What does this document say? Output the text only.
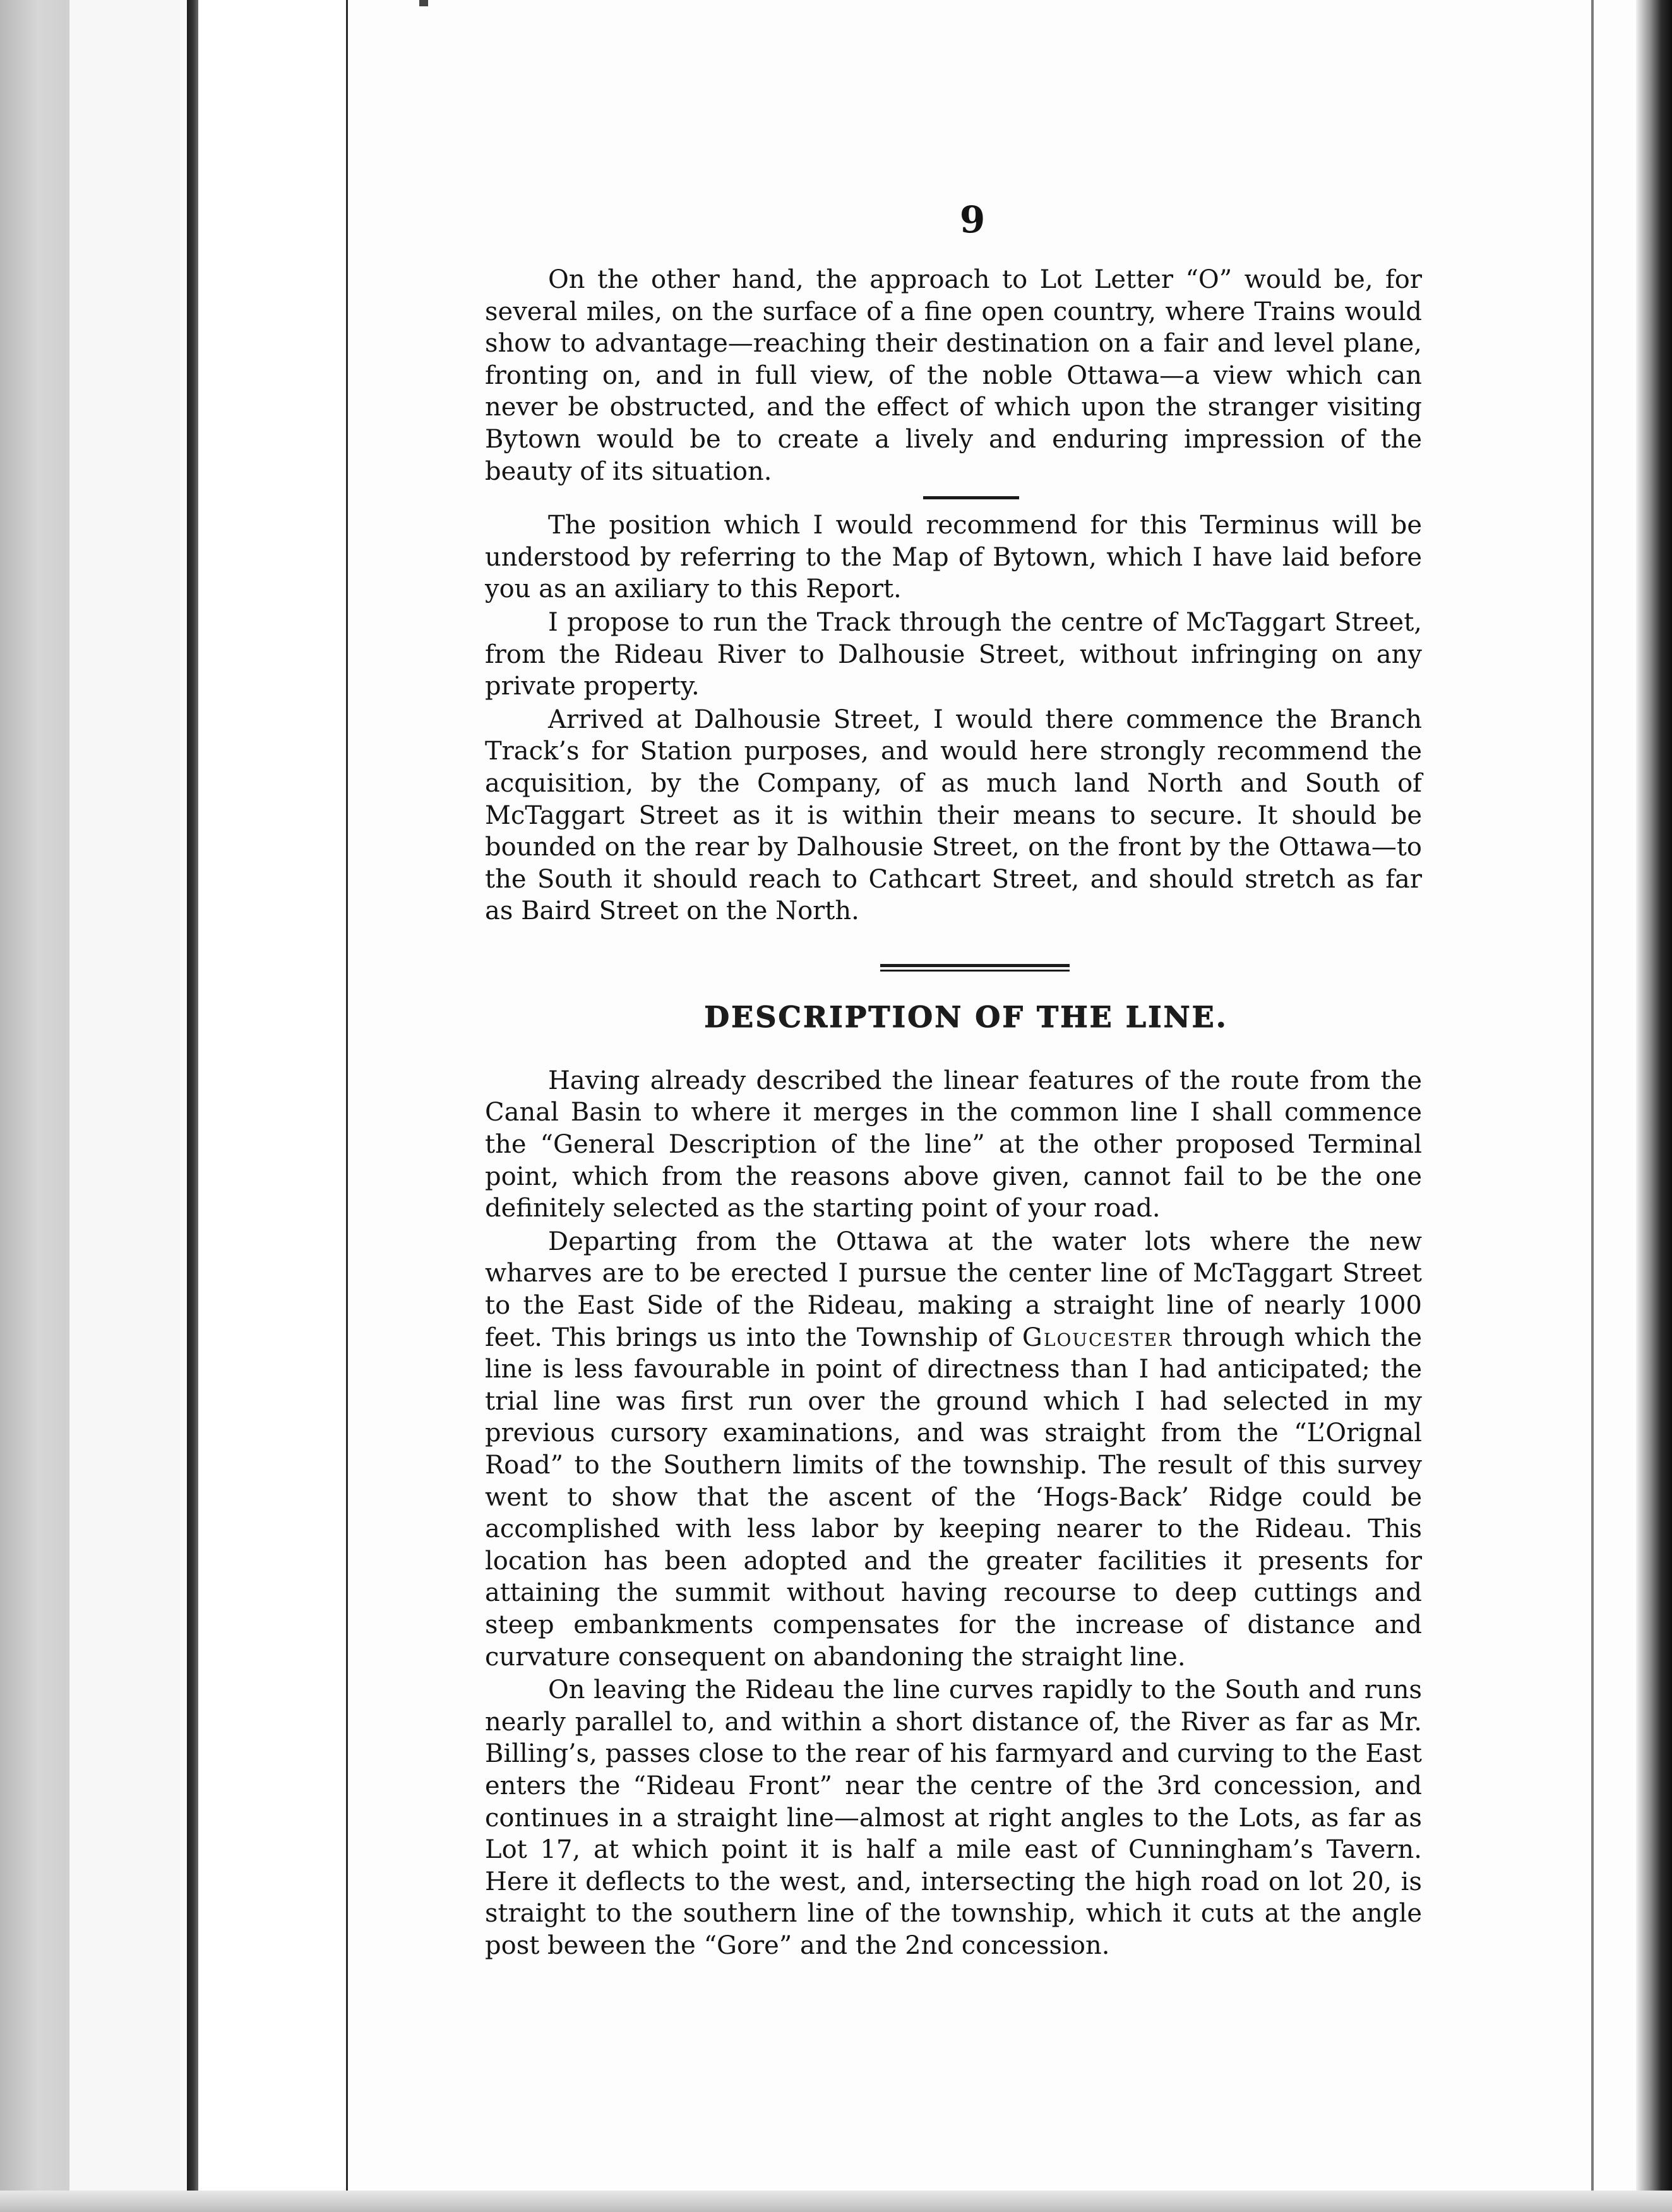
9

On the other hand, the approach to Lot Letter “O” would be, for several miles, on the surface of a fine open country, where Trains would show to advantage—reaching their destination on a fair and level plane, fronting on, and in full view, of the noble Ottawa—a view which can never be obstructed, and the effect of which upon the stranger visiting Bytown would be to create a lively and enduring impression of the beauty of its situation.

The position which I would recommend for this Terminus will be understood by referring to the Map of Bytown, which I have laid before you as an axiliary to this Report.

I propose to run the Track through the centre of McTaggart Street, from the Rideau River to Dalhousie Street, without infringing on any private property.

Arrived at Dalhousie Street, I would there commence the Branch Track’s for Station purposes, and would here strongly recommend the acquisition, by the Company, of as much land North and South of McTaggart Street as it is within their means to secure. It should be bounded on the rear by Dalhousie Street, on the front by the Ottawa—to the South it should reach to Cathcart Street, and should stretch as far as Baird Street on the North.

DESCRIPTION OF THE LINE.

Having already described the linear features of the route from the Canal Basin to where it merges in the common line I shall commence the “General Description of the line” at the other proposed Terminal point, which from the reasons above given, cannot fail to be the one definitely selected as the starting point of your road.

Departing from the Ottawa at the water lots where the new wharves are to be erected I pursue the center line of McTaggart Street to the East Side of the Rideau, making a straight line of nearly 1000 feet. This brings us into the Township of Gloucester through which the line is less favourable in point of directness than I had anticipated; the trial line was first run over the ground which I had selected in my previous cursory examinations, and was straight from the “L’Orignal Road” to the Southern limits of the township. The result of this survey went to show that the ascent of the ‘Hogs-Back’ Ridge could be accomplished with less labor by keeping nearer to the Rideau. This location has been adopted and the greater facilities it presents for attaining the summit without having recourse to deep cuttings and steep embankments compensates for the increase of distance and curvature consequent on abandoning the straight line.

On leaving the Rideau the line curves rapidly to the South and runs nearly parallel to, and within a short distance of, the River as far as Mr. Billing’s, passes close to the rear of his farmyard and curving to the East enters the “Rideau Front” near the centre of the 3rd concession, and continues in a straight line—almost at right angles to the Lots, as far as Lot 17, at which point it is half a mile east of Cunningham’s Tavern. Here it deflects to the west, and, intersecting the high road on lot 20, is straight to the southern line of the township, which it cuts at the angle post beween the “Gore” and the 2nd concession.
